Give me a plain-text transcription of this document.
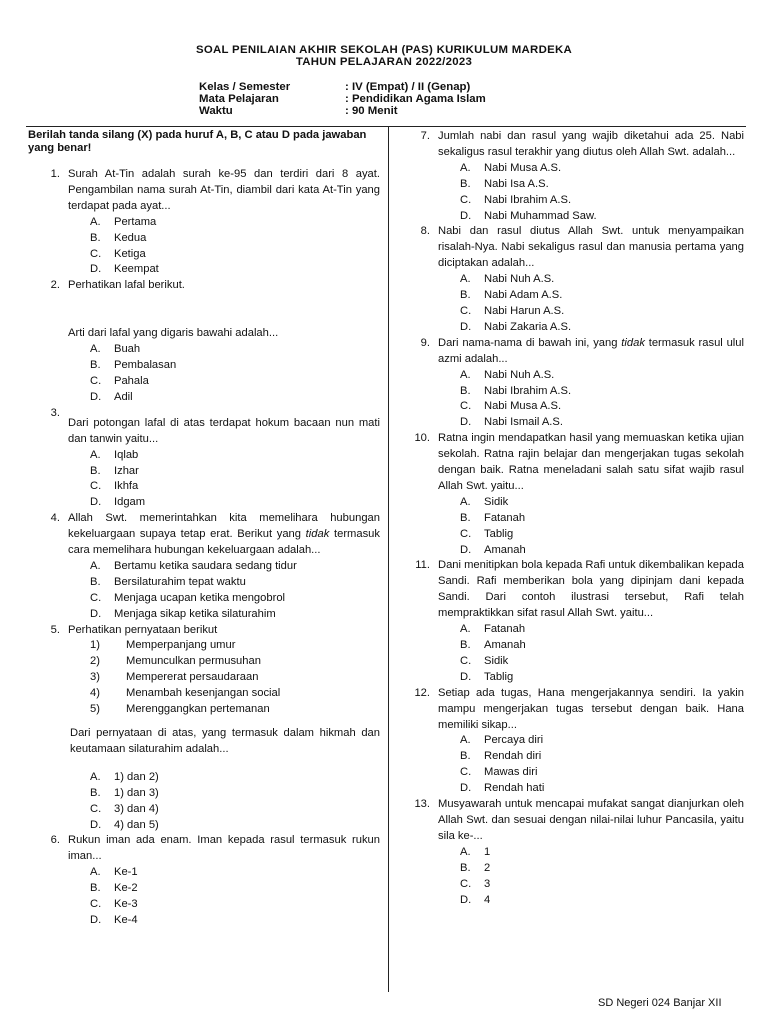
SOAL PENILAIAN AKHIR SEKOLAH (PAS) KURIKULUM MARDEKA
TAHUN PELAJARAN 2022/2023
Kelas / Semester	: IV (Empat) / II (Genap)
Mata Pelajaran	: Pendidikan Agama Islam
Waktu	: 90 Menit
Berilah tanda silang (X) pada huruf A, B, C atau D pada jawaban yang benar!
1. Surah At-Tin adalah surah ke-95 dan terdiri dari 8 ayat. Pengambilan nama surah At-Tin, diambil dari kata At-Tin yang terdapat pada ayat...
A.	Pertama
B.	Kedua
C.	Ketiga
D.	Keempat
2. Perhatikan lafal berikut.
Arti dari lafal yang digaris bawahi adalah...
A.	Buah
B.	Pembalasan
C.	Pahala
D.	Adil
3.
Dari potongan lafal di atas terdapat hokum bacaan nun mati dan tanwin yaitu...
A.	Iqlab
B.	Izhar
C.	Ikhfa
D.	Idgam
4. Allah Swt. memerintahkan kita memelihara hubungan kekeluargaan supaya tetap erat. Berikut yang tidak termasuk cara memelihara hubungan kekeluargaan adalah...
A.	Bertamu ketika saudara sedang tidur
B.	Bersilaturahim tepat waktu
C.	Menjaga ucapan ketika mengobrol
D.	Menjaga sikap ketika silaturahim
5. Perhatikan pernyataan berikut
1)	Memperpanjang umur
2)	Memunculkan permusuhan
3)	Mempererat persaudaraan
4)	Menambah kesenjangan social
5)	Merenggangkan pertemanan
Dari pernyataan di atas, yang termasuk dalam hikmah dan keutamaan silaturahim adalah...
A.	1) dan 2)
B.	1) dan 3)
C.	3) dan 4)
D.	4) dan 5)
6. Rukun iman ada enam. Iman kepada rasul termasuk rukun iman...
A.	Ke-1
B.	Ke-2
C.	Ke-3
D.	Ke-4
7. Jumlah nabi dan rasul yang wajib diketahui ada 25. Nabi sekaligus rasul terakhir yang diutus oleh Allah Swt. adalah...
A.	Nabi Musa A.S.
B.	Nabi Isa A.S.
C.	Nabi Ibrahim A.S.
D.	Nabi Muhammad Saw.
8. Nabi dan rasul diutus Allah Swt. untuk menyampaikan risalah-Nya. Nabi sekaligus rasul dan manusia pertama yang diciptakan adalah...
A.	Nabi Nuh A.S.
B.	Nabi Adam A.S.
C.	Nabi Harun A.S.
D.	Nabi Zakaria A.S.
9. Dari nama-nama di bawah ini, yang tidak termasuk rasul ulul azmi adalah...
A.	Nabi Nuh A.S.
B.	Nabi Ibrahim A.S.
C.	Nabi Musa A.S.
D.	Nabi Ismail A.S.
10. Ratna ingin mendapatkan hasil yang memuaskan ketika ujian sekolah. Ratna rajin belajar dan mengerjakan tugas sekolah dengan baik. Ratna meneladani salah satu sifat wajib rasul Allah Swt. yaitu...
A.	Sidik
B.	Fatanah
C.	Tablig
D.	Amanah
11. Dani menitipkan bola kepada Rafi untuk dikembalikan kepada Sandi. Rafi memberikan bola yang dipinjam dani kepada Sandi. Dari contoh ilustrasi tersebut, Rafi telah mempraktikkan sifat rasul Allah Swt. yaitu...
A.	Fatanah
B.	Amanah
C.	Sidik
D.	Tablig
12. Setiap ada tugas, Hana mengerjakannya sendiri. Ia yakin mampu mengerjakan tugas tersebut dengan baik. Hana memiliki sikap...
A.	Percaya diri
B.	Rendah diri
C.	Mawas diri
D.	Rendah hati
13. Musyawarah untuk mencapai mufakat sangat dianjurkan oleh Allah Swt. dan sesuai dengan nilai-nilai luhur Pancasila, yaitu sila ke-...
A.	1
B.	2
C.	3
D.	4
SD Negeri 024 Banjar XII
